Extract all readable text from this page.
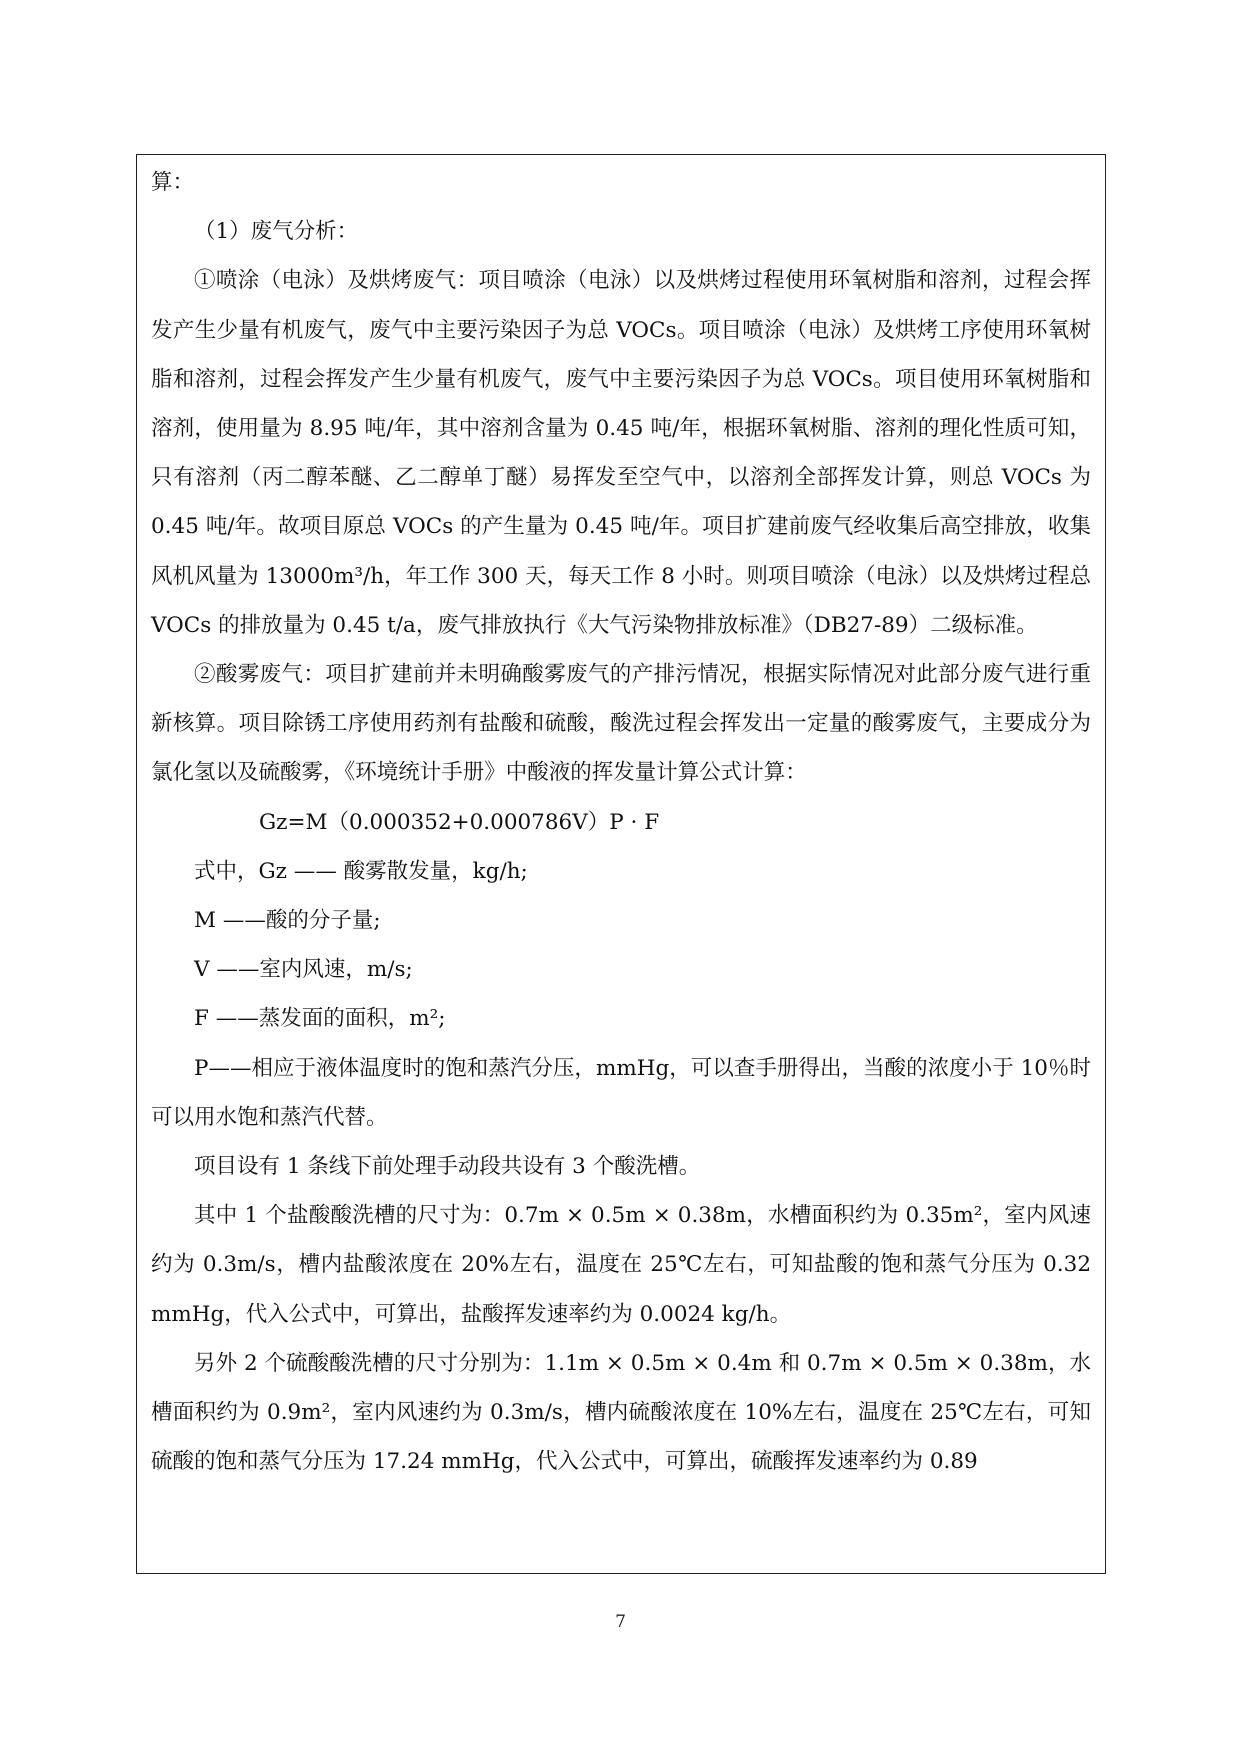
算：

（1）废气分析：

①喷涂（电泳）及烘烤废气：项目喷涂（电泳）以及烘烤过程使用环氧树脂和溶剂，过程会挥发产生少量有机废气，废气中主要污染因子为总 VOCs。项目喷涂（电泳）及烘烤工序使用环氧树脂和溶剂，过程会挥发产生少量有机废气，废气中主要污染因子为总 VOCs。项目使用环氧树脂和溶剂，使用量为 8.95 吨/年，其中溶剂含量为 0.45 吨/年，根据环氧树脂、溶剂的理化性质可知，只有溶剂（丙二醇苯醚、乙二醇单丁醚）易挥发至空气中，以溶剂全部挥发计算，则总 VOCs 为 0.45 吨/年。故项目原总 VOCs 的产生量为 0.45 吨/年。项目扩建前废气经收集后高空排放，收集风机风量为 13000m³/h，年工作 300 天，每天工作 8 小时。则项目喷涂（电泳）以及烘烤过程总 VOCs 的排放量为 0.45 t/a，废气排放执行《大气污染物排放标准》（DB27-89）二级标准。

②酸雾废气：项目扩建前并未明确酸雾废气的产排污情况，根据实际情况对此部分废气进行重新核算。项目除锈工序使用药剂有盐酸和硫酸，酸洗过程会挥发出一定量的酸雾废气，主要成分为氯化氢以及硫酸雾，《环境统计手册》中酸液的挥发量计算公式计算：

Gz=M（0.000352+0.000786V）P · F

式中，Gz —— 酸雾散发量，kg/h;

M ——酸的分子量;

V ——室内风速，m/s;

F ——蒸发面的面积，m²;

P——相应于液体温度时的饱和蒸汽分压，mmHg，可以查手册得出，当酸的浓度小于 10％时可以用水饱和蒸汽代替。

项目设有 1 条线下前处理手动段共设有 3 个酸洗槽。

其中 1 个盐酸酸洗槽的尺寸为：0.7m × 0.5m × 0.38m，水槽面积约为 0.35m²，室内风速约为 0.3m/s，槽内盐酸浓度在 20%左右，温度在 25℃左右，可知盐酸的饱和蒸气分压为 0.32 mmHg，代入公式中，可算出，盐酸挥发速率约为 0.0024 kg/h。

另外 2 个硫酸酸洗槽的尺寸分别为：1.1m × 0.5m × 0.4m 和 0.7m × 0.5m × 0.38m，水槽面积约为 0.9m²，室内风速约为 0.3m/s，槽内硫酸浓度在 10%左右，温度在 25℃左右，可知硫酸的饱和蒸气分压为 17.24 mmHg，代入公式中，可算出，硫酸挥发速率约为 0.89

7
